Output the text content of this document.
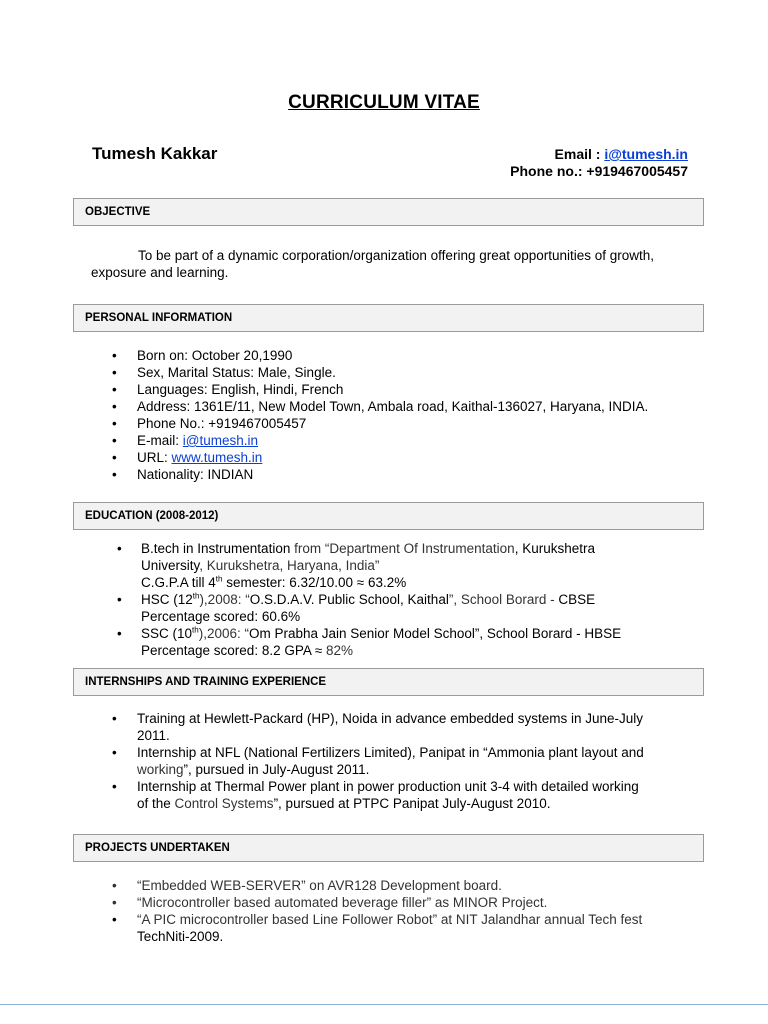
CURRICULUM VITAE
Tumesh Kakkar	Email : i@tumesh.in
Phone no.: +919467005457
OBJECTIVE
To be part of a dynamic corporation/organization offering great opportunities of growth,
exposure and learning.
PERSONAL INFORMATION
• Born on: October 20,1990
• Sex, Marital Status: Male, Single.
• Languages: English, Hindi, French
• Address: 1361E/11, New Model Town, Ambala road, Kaithal-136027, Haryana, INDIA.
• Phone No.: +919467005457
• E-mail: i@tumesh.in
• URL: www.tumesh.in
• Nationality: INDIAN
EDUCATION (2008-2012)
• B.tech in Instrumentation from “Department Of Instrumentation, Kurukshetra
University, Kurukshetra, Haryana, India”
C.G.P.A till 4th semester: 6.32/10.00 ≈ 63.2%
• HSC (12th),2008: “O.S.D.A.V. Public School, Kaithal”, School Borard - CBSE
Percentage scored: 60.6%
• SSC (10th),2006: “Om Prabha Jain Senior Model School”, School Borard - HBSE
Percentage scored: 8.2 GPA ≈ 82%
INTERNSHIPS AND TRAINING EXPERIENCE
• Training at Hewlett-Packard (HP), Noida in advance embedded systems in June-July
2011.
• Internship at NFL (National Fertilizers Limited), Panipat in “Ammonia plant layout and
working”, pursued in July-August 2011.
• Internship at Thermal Power plant in power production unit 3-4 with detailed working
of the Control Systems”, pursued at PTPC Panipat July-August 2010.
PROJECTS UNDERTAKEN
• “Embedded WEB-SERVER” on AVR128 Development board.
• “Microcontroller based automated beverage filler” as MINOR Project.
• “A PIC microcontroller based Line Follower Robot” at NIT Jalandhar annual Tech fest
TechNiti-2009.
